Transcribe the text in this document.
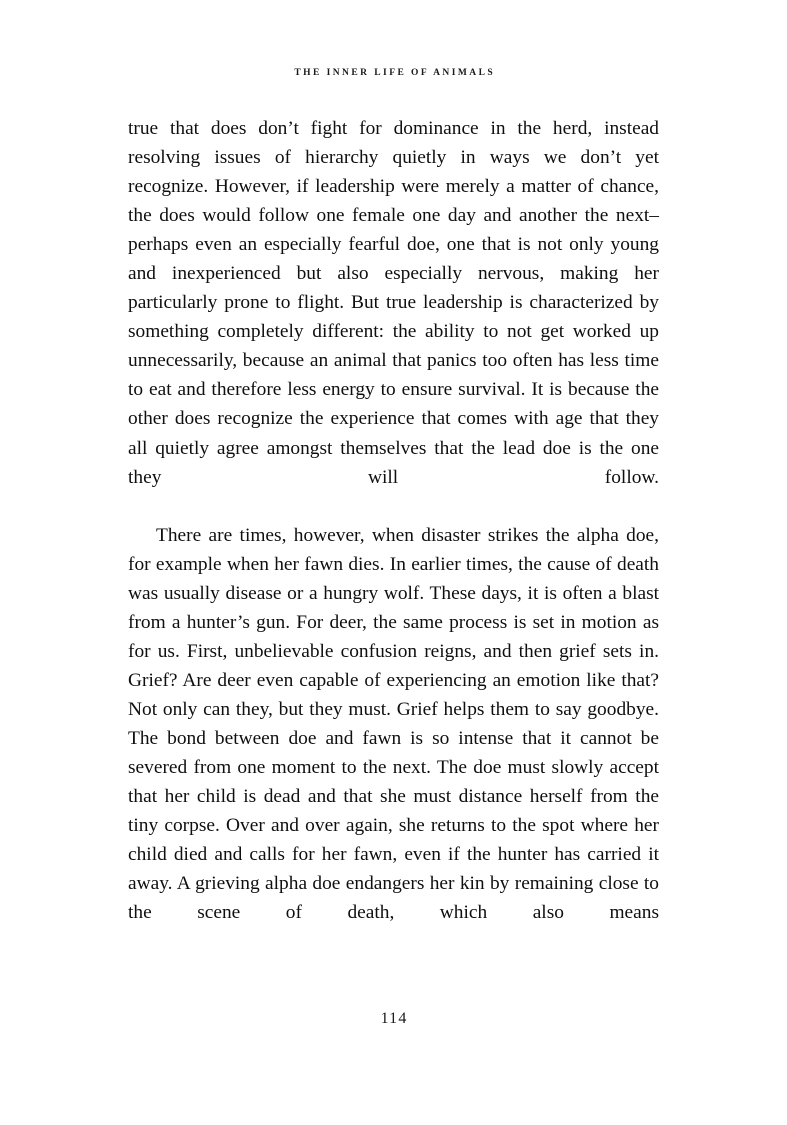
THE INNER LIFE OF ANIMALS

true that does don’t fight for dominance in the herd, instead resolving issues of hierarchy quietly in ways we don’t yet recognize. However, if leadership were merely a matter of chance, the does would follow one female one day and another the next–perhaps even an especially fearful doe, one that is not only young and inexperienced but also especially nervous, making her particularly prone to flight. But true leadership is characterized by something completely different: the ability to not get worked up unnecessarily, because an animal that panics too often has less time to eat and therefore less energy to ensure survival. It is because the other does recognize the experience that comes with age that they all quietly agree amongst themselves that the lead doe is the one they will follow.

There are times, however, when disaster strikes the alpha doe, for example when her fawn dies. In earlier times, the cause of death was usually disease or a hungry wolf. These days, it is often a blast from a hunter’s gun. For deer, the same process is set in motion as for us. First, unbelievable confusion reigns, and then grief sets in. Grief? Are deer even capable of experiencing an emotion like that? Not only can they, but they must. Grief helps them to say goodbye. The bond between doe and fawn is so intense that it cannot be severed from one moment to the next. The doe must slowly accept that her child is dead and that she must distance herself from the tiny corpse. Over and over again, she returns to the spot where her child died and calls for her fawn, even if the hunter has carried it away. A grieving alpha doe endangers her kin by remaining close to the scene of death, which also means

114
